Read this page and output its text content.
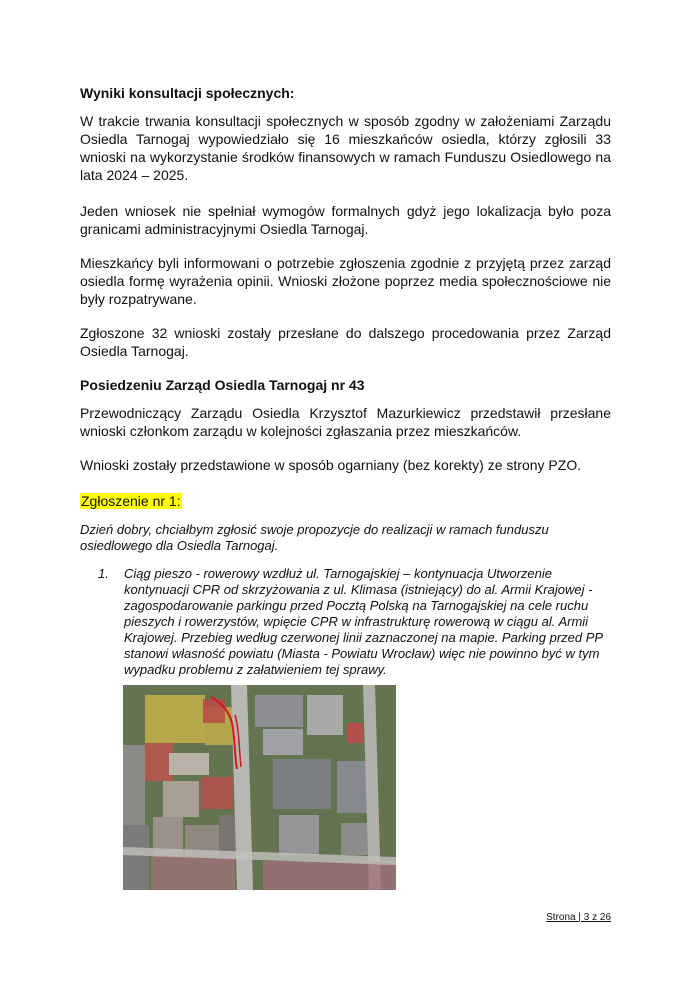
Wyniki konsultacji społecznych:
W trakcie trwania konsultacji społecznych w sposób zgodny w założeniami Zarządu Osiedla Tarnogaj wypowiedziało się 16 mieszkańców osiedla, którzy zgłosili 33 wnioski na wykorzystanie środków finansowych w ramach Funduszu Osiedlowego na lata 2024 – 2025.
Jeden wniosek nie spełniał wymogów formalnych gdyż jego lokalizacja było poza granicami administracyjnymi Osiedla Tarnogaj.
Mieszkańcy byli informowani o potrzebie zgłoszenia zgodnie z przyjętą przez zarząd osiedla formę wyrażenia opinii. Wnioski złożone poprzez media społecznościowe nie były rozpatrywane.
Zgłoszone 32 wnioski zostały przesłane do dalszego procedowania przez Zarząd Osiedla Tarnogaj.
Posiedzeniu Zarząd Osiedla Tarnogaj nr 43
Przewodniczący Zarządu Osiedla Krzysztof Mazurkiewicz przedstawił przesłane wnioski członkom zarządu w kolejności zgłaszania przez mieszkańców.
Wnioski zostały przedstawione w sposób ogarniany (bez korekty) ze strony PZO.
Zgłoszenie nr 1:
Dzień dobry, chciałbym zgłosić swoje propozycje do realizacji w ramach funduszu osiedlowego dla Osiedla Tarnogaj.
1. Ciąg pieszo - rowerowy wzdłuż ul. Tarnogajskiej – kontynuacja Utworzenie kontynuacji CPR od skrzyżowania z ul. Klimasa (istniejący) do al. Armii Krajowej - zagospodarowanie parkingu przed Pocztą Polską na Tarnogajskiej na cele ruchu pieszych i rowerzystów, wpięcie CPR w infrastrukturę rowerową w ciągu al. Armii Krajowej. Przebieg według czerwonej linii zaznaczonej na mapie. Parking przed PP stanowi własność powiatu (Miasta - Powiatu Wrocław) więc nie powinno być w tym wypadku problemu z załatwieniem tej sprawy.
Strona | 3 z 26
